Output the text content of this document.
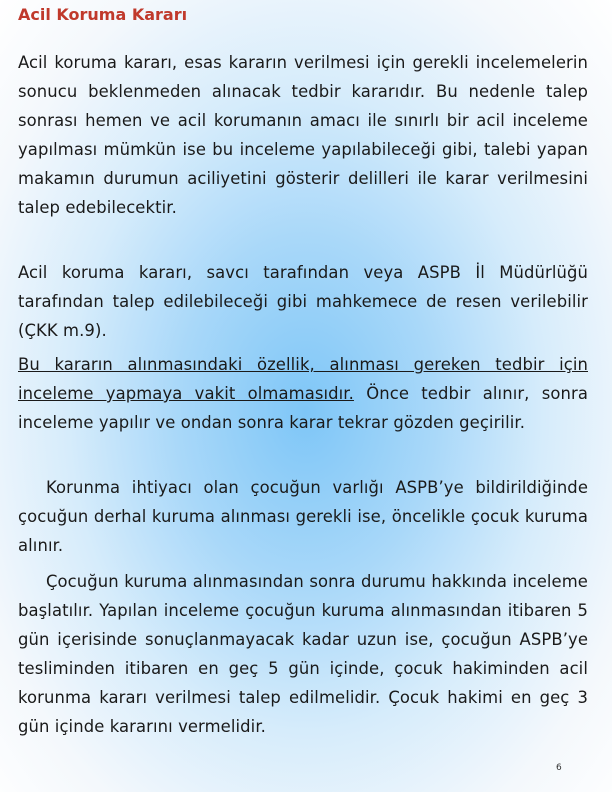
Acil Koruma Kararı

Acil koruma kararı, esas kararın verilmesi için gerekli incelemelerin sonucu beklenmeden alınacak tedbir kararıdır. Bu nedenle talep sonrası hemen ve acil korumanın amacı ile sınırlı bir acil inceleme yapılması mümkün ise bu inceleme yapılabileceği gibi, talebi yapan makamın durumun aciliyetini gösterir delilleri ile karar verilmesini talep edebilecektir.

Acil koruma kararı, savcı tarafından veya ASPB İl Müdürlüğü tarafından talep edilebileceği gibi mahkemece de resen verilebilir (ÇKK m.9).

Bu kararın alınmasındaki özellik, alınması gereken tedbir için inceleme yapmaya vakit olmamasıdır. Önce tedbir alınır, sonra inceleme yapılır ve ondan sonra karar tekrar gözden geçirilir.

Korunma ihtiyacı olan çocuğun varlığı ASPB’ye bildirildiğinde çocuğun derhal kuruma alınması gerekli ise, öncelikle çocuk kuruma alınır.

Çocuğun kuruma alınmasından sonra durumu hakkında inceleme başlatılır. Yapılan inceleme çocuğun kuruma alınmasından itibaren 5 gün içerisinde sonuçlanmayacak kadar uzun ise, çocuğun ASPB’ye tesliminden itibaren en geç 5 gün içinde, çocuk hakiminden acil korunma kararı verilmesi talep edilmelidir. Çocuk hakimi en geç 3 gün içinde kararını vermelidir.

6
